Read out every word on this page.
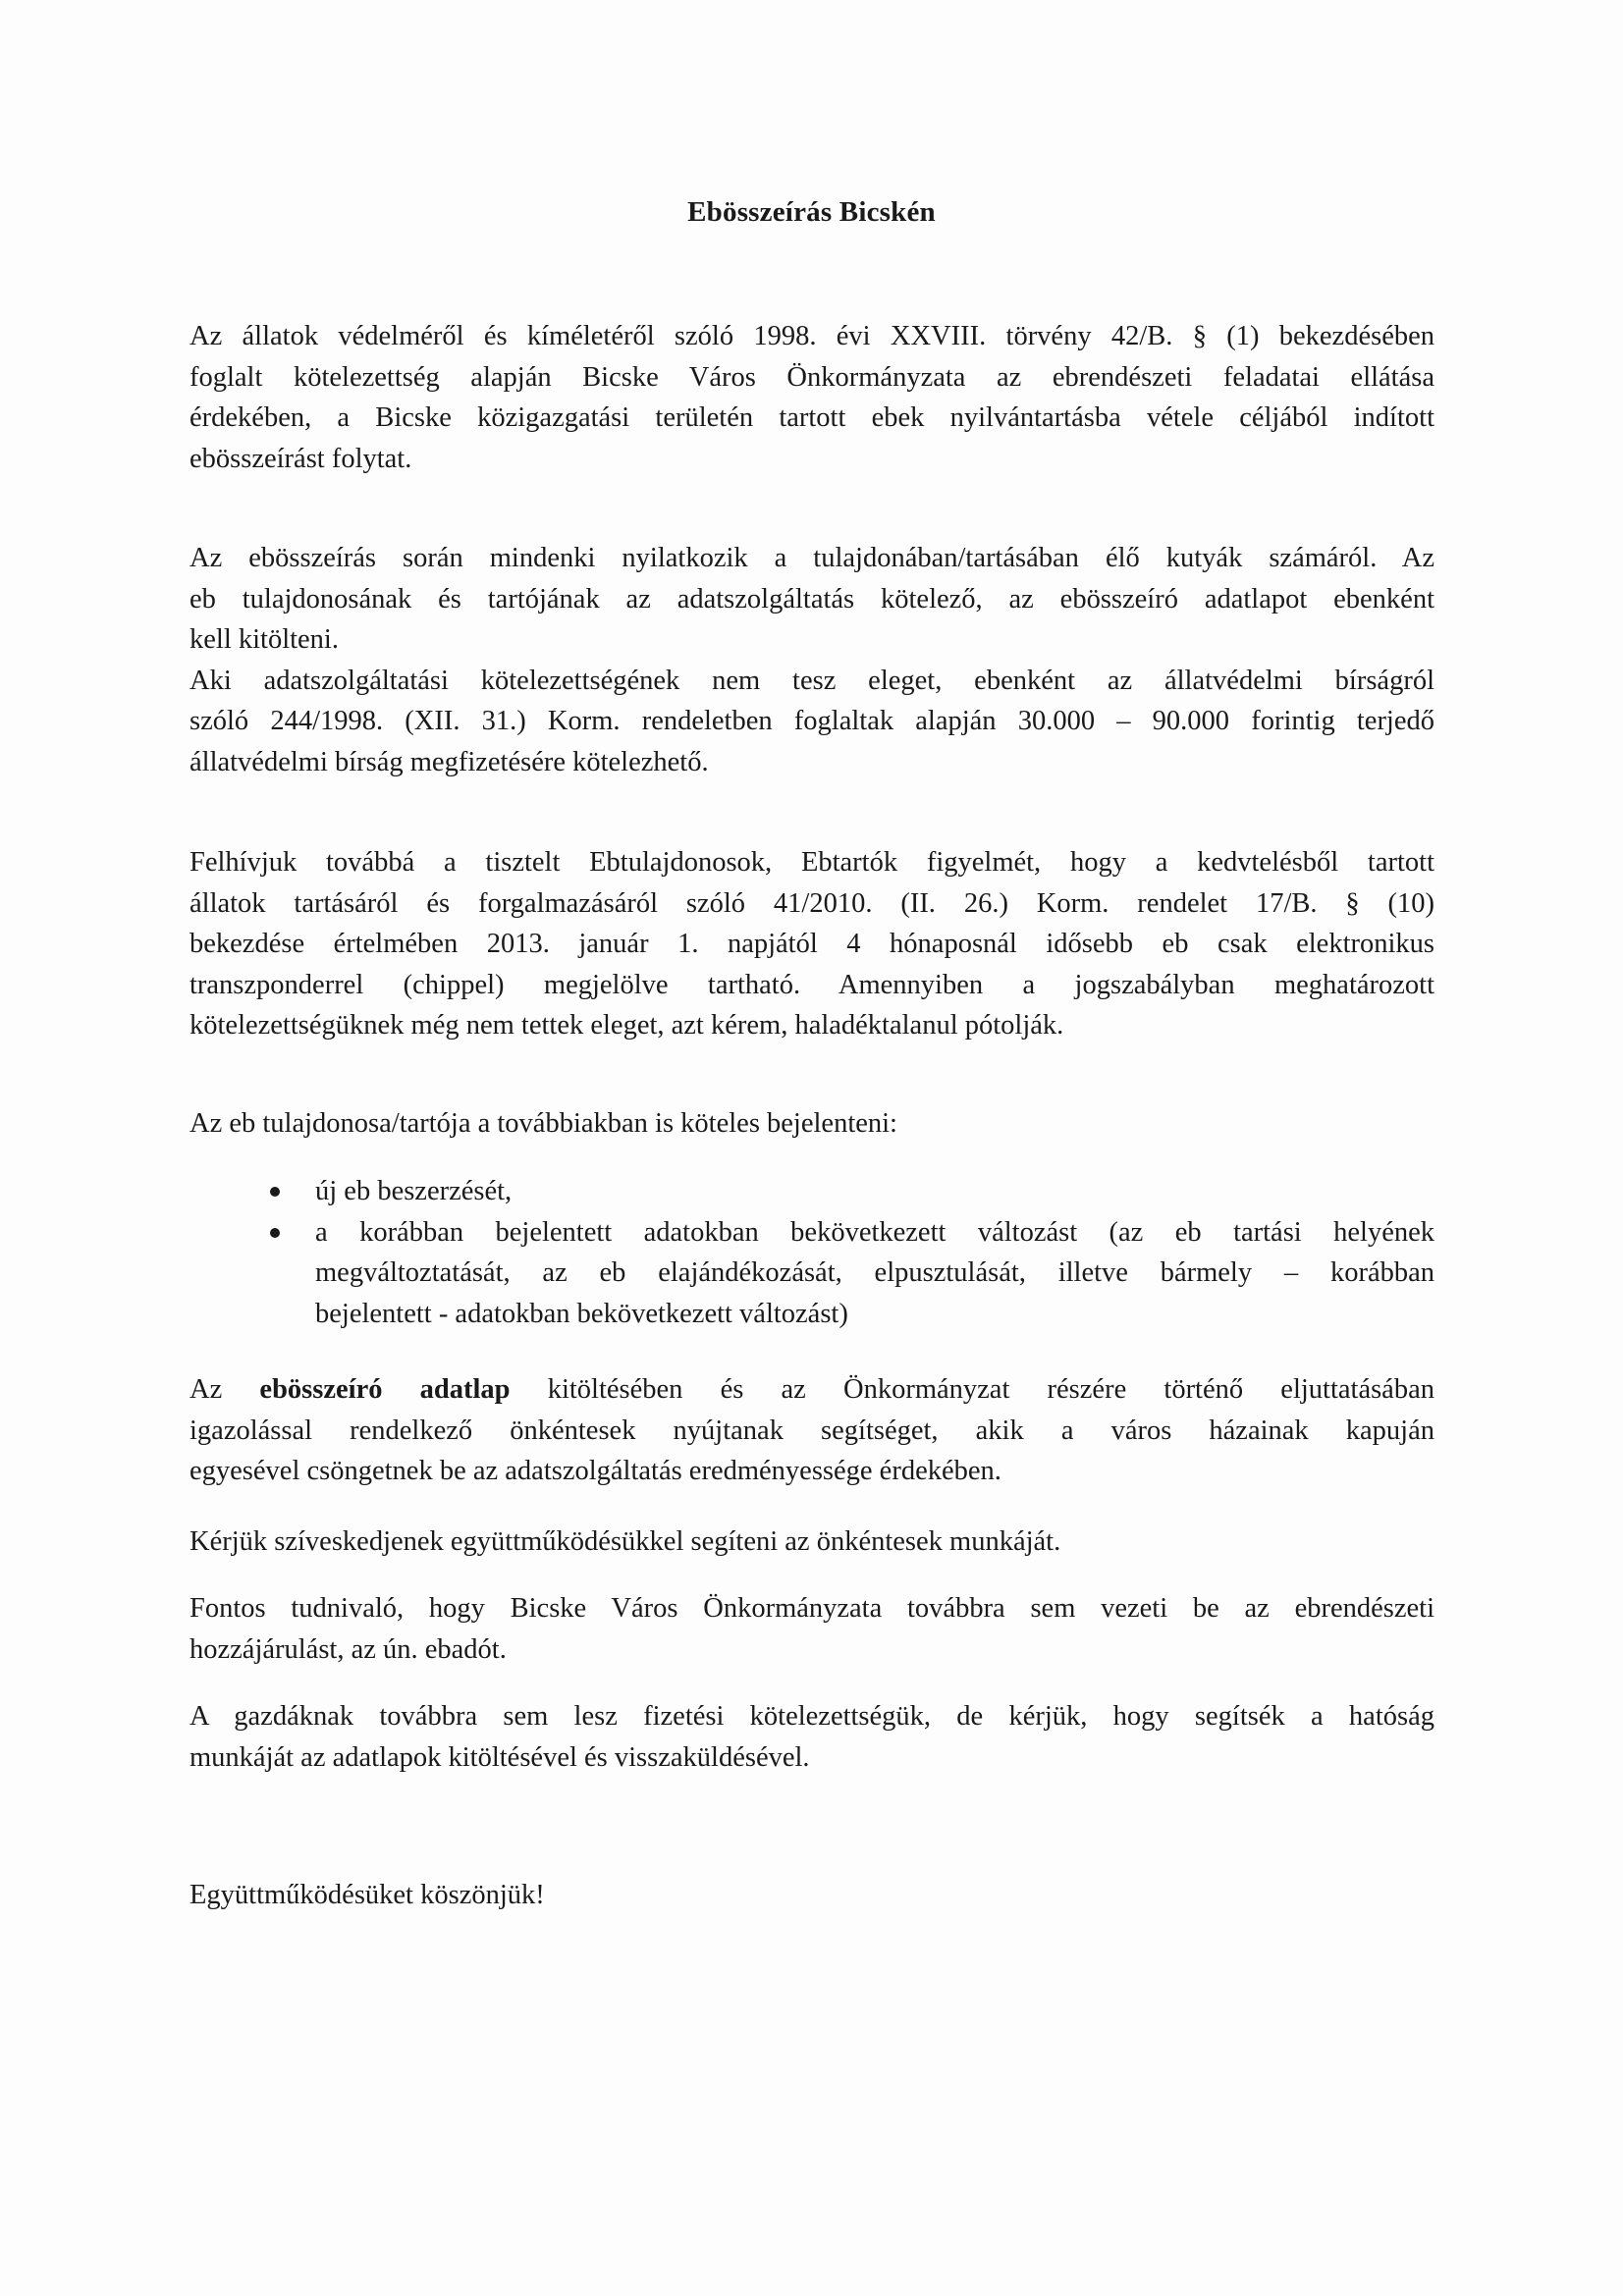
Ebösszeírás Bicskén

Az állatok védelméről és kíméletéről szóló 1998. évi XXVIII. törvény 42/B. § (1) bekezdésében
foglalt kötelezettség alapján Bicske Város Önkormányzata az ebrendészeti feladatai ellátása
érdekében, a Bicske közigazgatási területén tartott ebek nyilvántartásba vétele céljából indított
ebösszeírást folytat.

Az ebösszeírás során mindenki nyilatkozik a tulajdonában/tartásában élő kutyák számáról. Az
eb tulajdonosának és tartójának az adatszolgáltatás kötelező, az ebösszeíró adatlapot ebenként
kell kitölteni.
Aki adatszolgáltatási kötelezettségének nem tesz eleget, ebenként az állatvédelmi bírságról
szóló 244/1998. (XII. 31.) Korm. rendeletben foglaltak alapján 30.000 – 90.000 forintig terjedő
állatvédelmi bírság megfizetésére kötelezhető.

Felhívjuk továbbá a tisztelt Ebtulajdonosok, Ebtartók figyelmét, hogy a kedvtelésből tartott
állatok tartásáról és forgalmazásáról szóló 41/2010. (II. 26.) Korm. rendelet 17/B. § (10)
bekezdése értelmében 2013. január 1. napjától 4 hónaposnál idősebb eb csak elektronikus
transzponderrel (chippel) megjelölve tartható. Amennyiben a jogszabályban meghatározott
kötelezettségüknek még nem tettek eleget, azt kérem, haladéktalanul pótolják.

Az eb tulajdonosa/tartója a továbbiakban is köteles bejelenteni:

új eb beszerzését,
a korábban bejelentett adatokban bekövetkezett változást (az eb tartási helyének
megváltoztatását, az eb elajándékozását, elpusztulását, illetve bármely – korábban
bejelentett - adatokban bekövetkezett változást)

Az ebösszeíró adatlap kitöltésében és az Önkormányzat részére történő eljuttatásában
igazolással rendelkező önkéntesek nyújtanak segítséget, akik a város házainak kapuján
egyesével csöngetnek be az adatszolgáltatás eredményessége érdekében.

Kérjük szíveskedjenek együttműködésükkel segíteni az önkéntesek munkáját.

Fontos tudnivaló, hogy Bicske Város Önkormányzata továbbra sem vezeti be az ebrendészeti
hozzájárulást, az ún. ebadót.

A gazdáknak továbbra sem lesz fizetési kötelezettségük, de kérjük, hogy segítsék a hatóság
munkáját az adatlapok kitöltésével és visszaküldésével.

Együttműködésüket köszönjük!
